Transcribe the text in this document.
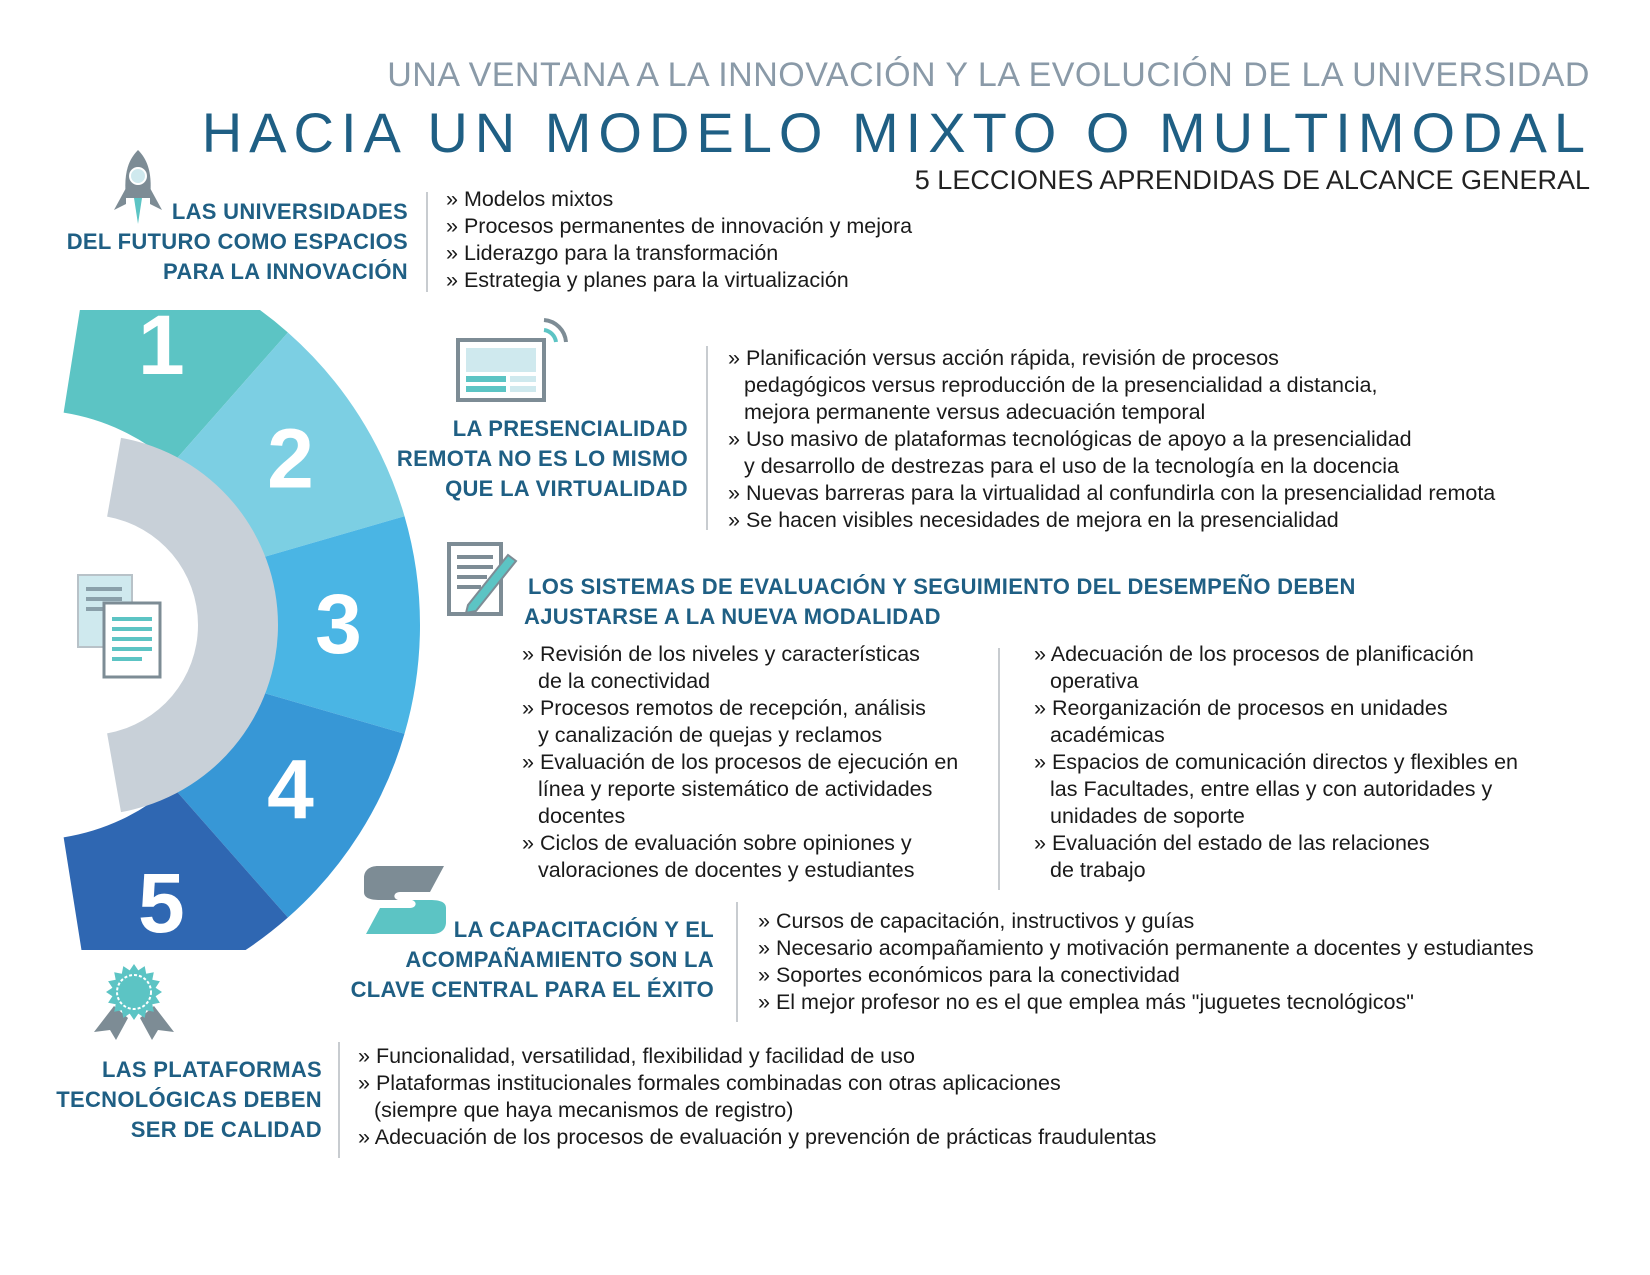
UNA VENTANA A LA INNOVACIÓN Y LA EVOLUCIÓN DE LA UNIVERSIDAD
HACIA UN MODELO MIXTO O MULTIMODAL
5 LECCIONES APRENDIDAS DE ALCANCE GENERAL
1
2
3
4
5
LAS UNIVERSIDADES
DEL FUTURO COMO ESPACIOS
PARA LA INNOVACIÓN
» Modelos mixtos
» Procesos permanentes de innovación y mejora
» Liderazgo para la transformación
» Estrategia y planes para la virtualización
LA PRESENCIALIDAD
REMOTA NO ES LO MISMO
QUE LA VIRTUALIDAD
» Planificación versus acción rápida, revisión de procesos pedagógicos versus reproducción de la presencialidad a distancia, mejora permanente versus adecuación temporal
» Uso masivo de plataformas tecnológicas de apoyo a la presencialidad y desarrollo de destrezas para el uso de la tecnología en la docencia
» Nuevas barreras para la virtualidad al confundirla con la presencialidad remota
» Se hacen visibles necesidades de mejora en la presencialidad
LOS SISTEMAS DE EVALUACIÓN Y SEGUIMIENTO DEL DESEMPEÑO DEBEN
AJUSTARSE A LA NUEVA MODALIDAD
» Revisión de los niveles y características de la conectividad
» Procesos remotos de recepción, análisis y canalización de quejas y reclamos
» Evaluación de los procesos de ejecución en línea y reporte sistemático de actividades docentes
» Ciclos de evaluación sobre opiniones y valoraciones de docentes y estudiantes
» Adecuación de los procesos de planificación operativa
» Reorganización de procesos en unidades académicas
» Espacios de comunicación directos y flexibles en las Facultades, entre ellas y con autoridades y unidades de soporte
» Evaluación del estado de las relaciones de trabajo
LA CAPACITACIÓN Y EL
ACOMPAÑAMIENTO SON LA
CLAVE CENTRAL PARA EL ÉXITO
» Cursos de capacitación, instructivos y guías
» Necesario acompañamiento y motivación permanente a docentes y estudiantes
» Soportes económicos para la conectividad
» El mejor profesor no es el que emplea más "juguetes tecnológicos"
LAS PLATAFORMAS
TECNOLÓGICAS DEBEN
SER DE CALIDAD
» Funcionalidad, versatilidad, flexibilidad y facilidad de uso
» Plataformas institucionales formales combinadas con otras aplicaciones (siempre que haya mecanismos de registro)
» Adecuación de los procesos de evaluación y prevención de prácticas fraudulentas
